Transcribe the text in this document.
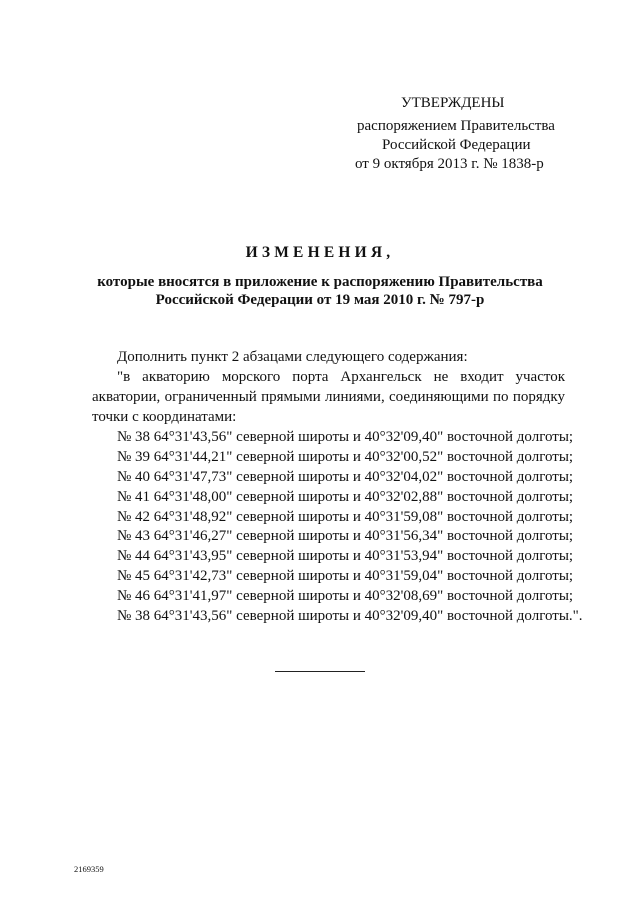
УТВЕРЖДЕНЫ
распоряжением Правительства
Российской Федерации
от 9 октября 2013 г. № 1838-р
ИЗМЕНЕНИЯ,
которые вносятся в приложение к распоряжению Правительства
Российской Федерации от 19 мая 2010 г. № 797-р
Дополнить пункт 2 абзацами следующего содержания:
"в акваторию морского порта Архангельск не входит участок
акватории, ограниченный прямыми линиями, соединяющими по порядку
точки с координатами:
№ 38 64°31'43,56" северной широты и 40°32'09,40" восточной долготы;
№ 39 64°31'44,21" северной широты и 40°32'00,52" восточной долготы;
№ 40 64°31'47,73" северной широты и 40°32'04,02" восточной долготы;
№ 41 64°31'48,00" северной широты и 40°32'02,88" восточной долготы;
№ 42 64°31'48,92" северной широты и 40°31'59,08" восточной долготы;
№ 43 64°31'46,27" северной широты и 40°31'56,34" восточной долготы;
№ 44 64°31'43,95" северной широты и 40°31'53,94" восточной долготы;
№ 45 64°31'42,73" северной широты и 40°31'59,04" восточной долготы;
№ 46 64°31'41,97" северной широты и 40°32'08,69" восточной долготы;
№ 38 64°31'43,56" северной широты и 40°32'09,40" восточной долготы.".
2169359
